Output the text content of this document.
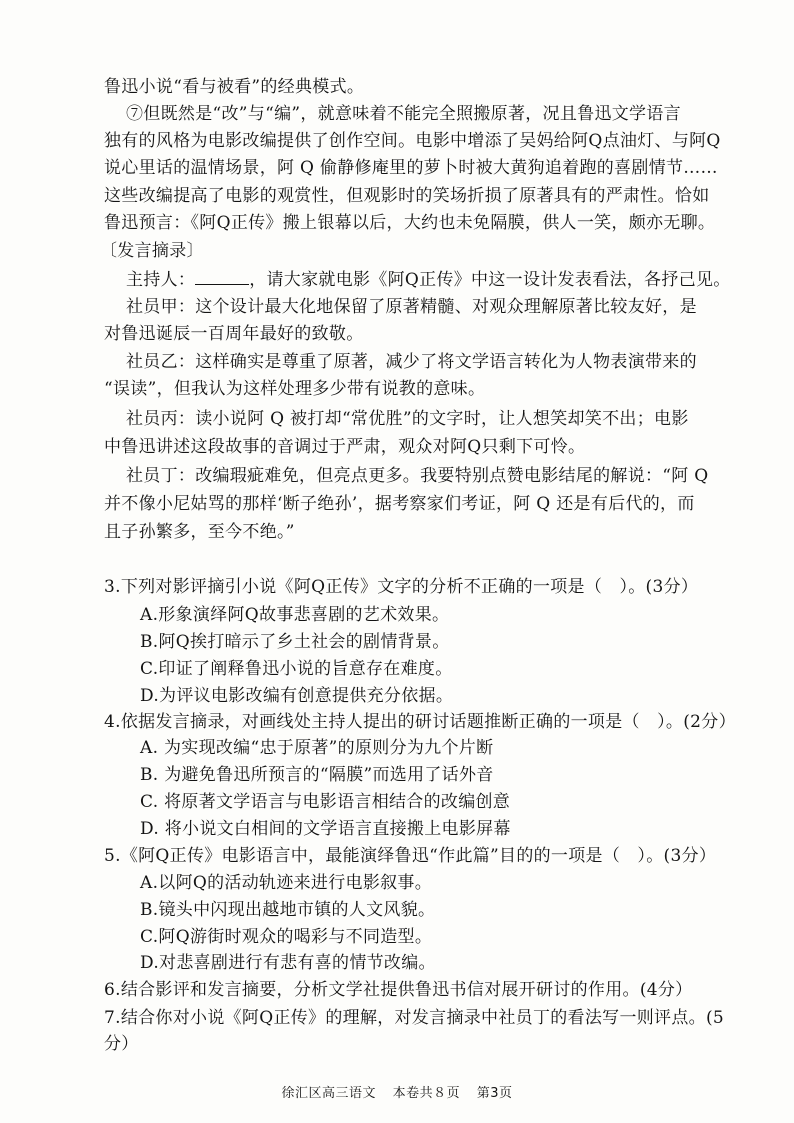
鲁迅小说“看与被看”的经典模式。
⑦但既然是“改”与“编”，就意味着不能完全照搬原著，况且鲁迅文学语言
独有的风格为电影改编提供了创作空间。电影中增添了吴妈给阿Q点油灯、与阿Q
说心里话的温情场景，阿 Q 偷静修庵里的萝卜时被大黄狗追着跑的喜剧情节……
这些改编提高了电影的观赏性，但观影时的笑场折损了原著具有的严肃性。恰如
鲁迅预言：《阿Q正传》搬上银幕以后，大约也未免隔膜，供人一笑，颇亦无聊。
〔发言摘录〕
主持人：	，请大家就电影《阿Q正传》中这一设计发表看法，各抒己见。
社员甲：这个设计最大化地保留了原著精髓、对观众理解原著比较友好，是
对鲁迅诞辰一百周年最好的致敬。
社员乙：这样确实是尊重了原著，减少了将文学语言转化为人物表演带来的
“误读”，但我认为这样处理多少带有说教的意味。
社员丙：读小说阿 Q 被打却“常优胜”的文字时，让人想笑却笑不出；电影
中鲁迅讲述这段故事的音调过于严肃，观众对阿Q只剩下可怜。
社员丁：改编瑕疵难免，但亮点更多。我要特别点赞电影结尾的解说：“阿 Q
并不像小尼姑骂的那样‘断子绝孙’，据考察家们考证，阿 Q 还是有后代的，而
且子孙繁多，至今不绝。”
3.下列对影评摘引小说《阿Q正传》文字的分析不正确的一项是（　）。(3分）
A.形象演绎阿Q故事悲喜剧的艺术效果。
B.阿Q挨打暗示了乡土社会的剧情背景。
C.印证了阐释鲁迅小说的旨意存在难度。
D.为评议电影改编有创意提供充分依据。
4.依据发言摘录，对画线处主持人提出的研讨话题推断正确的一项是（　）。(2分）
A. 为实现改编“忠于原著”的原则分为九个片断
B. 为避免鲁迅所预言的“隔膜”而选用了话外音
C. 将原著文学语言与电影语言相结合的改编创意
D. 将小说文白相间的文学语言直接搬上电影屏幕
5.《阿Q正传》电影语言中，最能演绎鲁迅“作此篇”目的的一项是（　）。(3分）
A.以阿Q的活动轨迹来进行电影叙事。
B.镜头中闪现出越地市镇的人文风貌。
C.阿Q游街时观众的喝彩与不同造型。
D.对悲喜剧进行有悲有喜的情节改编。
6.结合影评和发言摘要，分析文学社提供鲁迅书信对展开研讨的作用。(4分）
7.结合你对小说《阿Q正传》的理解，对发言摘录中社员丁的看法写一则评点。(5
分）
徐汇区高三语文 本卷共８页 第3页
